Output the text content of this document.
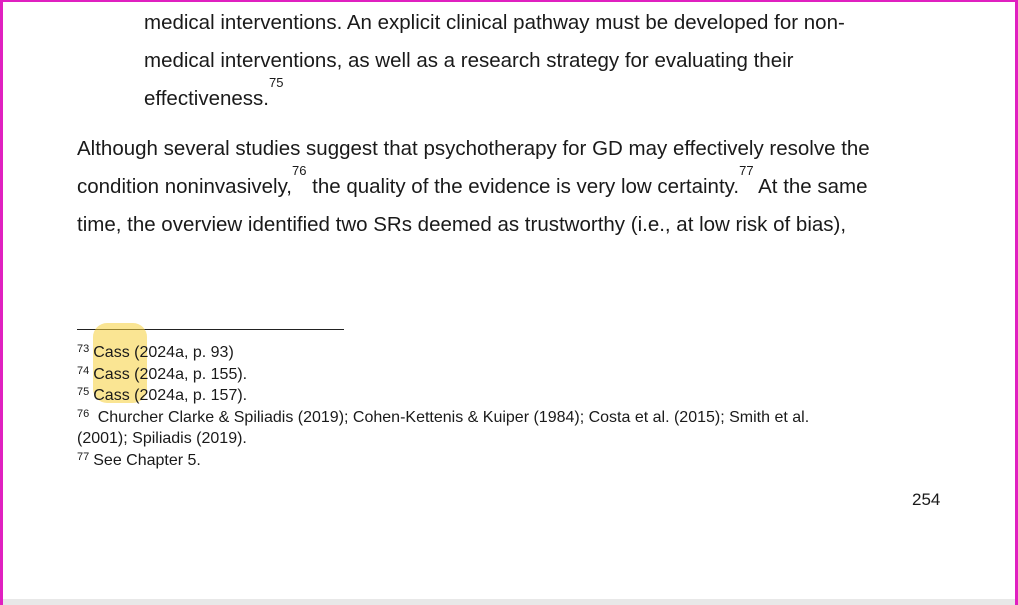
medical interventions. An explicit clinical pathway must be developed for non-
medical interventions, as well as a research strategy for evaluating their
effectiveness.$^{75}$
Although several studies suggest that psychotherapy for GD may effectively resolve the
condition noninvasively,$^{76}$ the quality of the evidence is very low certainty.$^{77}$ At the same
time, the overview identified two SRs deemed as trustworthy (i.e., at low risk of bias),
$^{73}$ Cass (2024a, p. 93)
$^{74}$ Cass (2024a, p. 155).
$^{75}$ Cass (2024a, p. 157).
$^{76}$ Churcher Clarke & Spiliadis (2019); Cohen-Kettenis & Kuiper (1984); Costa et al. (2015); Smith et al.
(2001); Spiliadis (2019).
$^{77}$ See Chapter 5.
254
